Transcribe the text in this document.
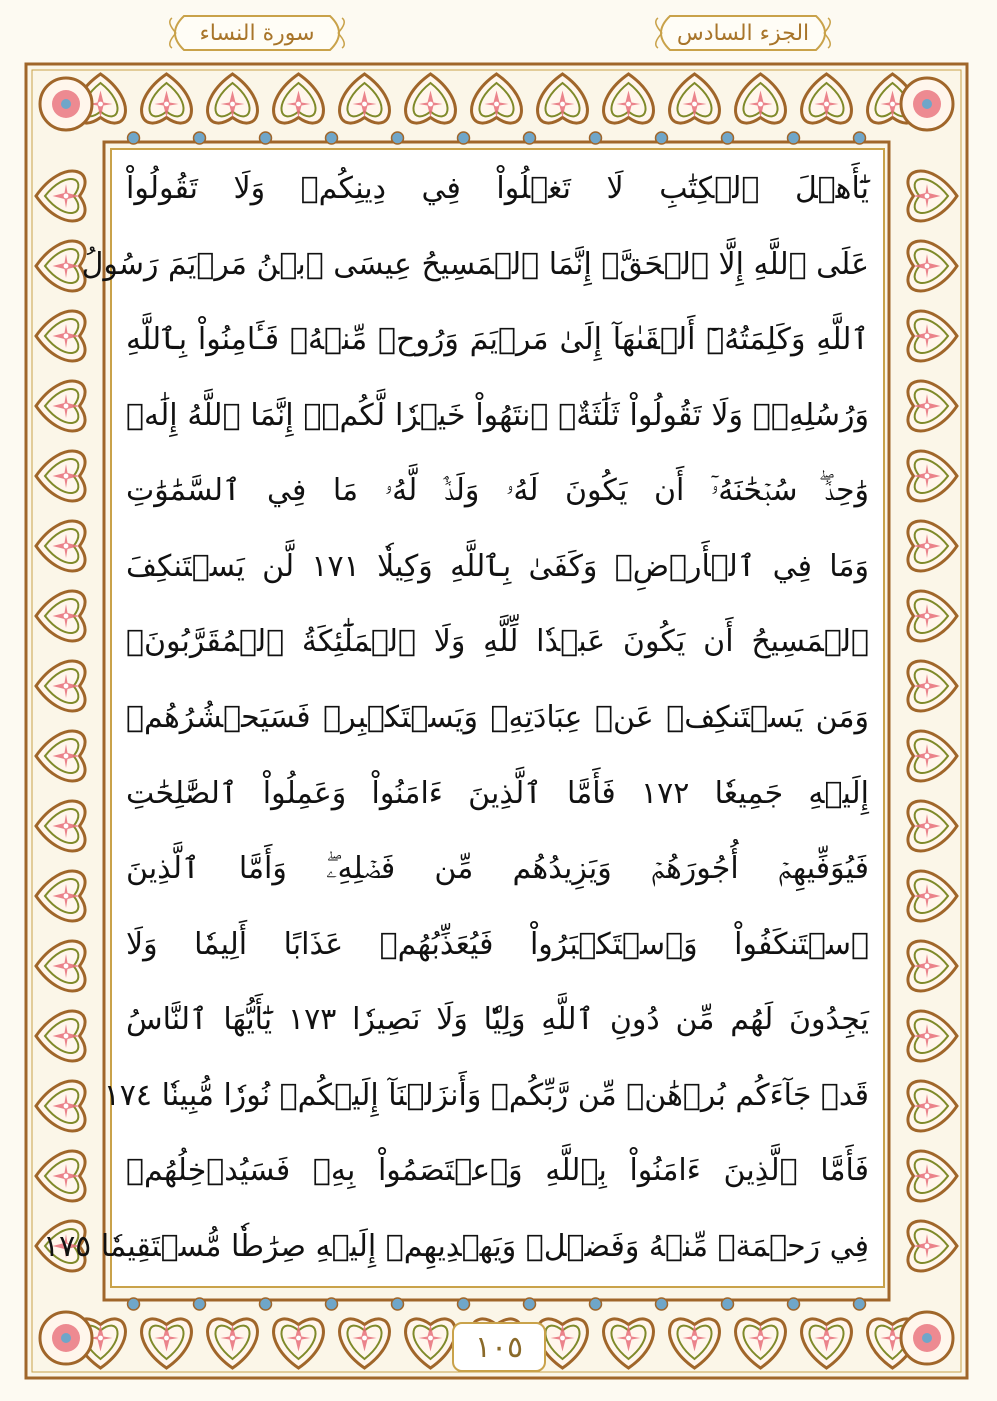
سورة النساء	الجزء السادس
يَٰٓأَهۡلَ ٱلۡكِتَٰبِ لَا تَغۡلُواْ فِي دِينِكُمۡ وَلَا تَقُولُواْ
عَلَى ٱللَّهِ إِلَّا ٱلۡحَقَّۚ إِنَّمَا ٱلۡمَسِيحُ عِيسَى ٱبۡنُ مَرۡيَمَ رَسُولُ
ٱللَّهِ وَكَلِمَتُهُۥٓ أَلۡقَىٰهَآ إِلَىٰ مَرۡيَمَ وَرُوحٞ مِّنۡهُۖ فَـَٔامِنُواْ بِٱللَّهِ
وَرُسُلِهِۦۖ وَلَا تَقُولُواْ ثَلَٰثَةٌۚ ٱنتَهُواْ خَيۡرٗا لَّكُمۡۚ إِنَّمَا ٱللَّهُ إِلَٰهٞ
وَٰحِدٞۖ سُبۡحَٰنَهُۥٓ أَن يَكُونَ لَهُۥ وَلَدٞۘ لَّهُۥ مَا فِي ٱلسَّمَٰوَٰتِ
وَمَا فِي ٱلۡأَرۡضِۗ وَكَفَىٰ بِٱللَّهِ وَكِيلٗا ١٧١ لَّن يَسۡتَنكِفَ
ٱلۡمَسِيحُ أَن يَكُونَ عَبۡدٗا لِّلَّهِ وَلَا ٱلۡمَلَٰٓئِكَةُ ٱلۡمُقَرَّبُونَۚ
وَمَن يَسۡتَنكِفۡ عَنۡ عِبَادَتِهِۦ وَيَسۡتَكۡبِرۡ فَسَيَحۡشُرُهُمۡ
إِلَيۡهِ جَمِيعٗا ١٧٢ فَأَمَّا ٱلَّذِينَ ءَامَنُواْ وَعَمِلُواْ ٱلصَّٰلِحَٰتِ
فَيُوَفِّيهِمۡ أُجُورَهُمۡ وَيَزِيدُهُم مِّن فَضۡلِهِۦۖ وَأَمَّا ٱلَّذِينَ
ٱسۡتَنكَفُواْ وَٱسۡتَكۡبَرُواْ فَيُعَذِّبُهُمۡ عَذَابًا أَلِيمٗا وَلَا
يَجِدُونَ لَهُم مِّن دُونِ ٱللَّهِ وَلِيّٗا وَلَا نَصِيرٗا ١٧٣ يَٰٓأَيُّهَا ٱلنَّاسُ
قَدۡ جَآءَكُم بُرۡهَٰنٞ مِّن رَّبِّكُمۡ وَأَنزَلۡنَآ إِلَيۡكُمۡ نُورٗا مُّبِينٗا ١٧٤
فَأَمَّا ٱلَّذِينَ ءَامَنُواْ بِٱللَّهِ وَٱعۡتَصَمُواْ بِهِۦ فَسَيُدۡخِلُهُمۡ
فِي رَحۡمَةٖ مِّنۡهُ وَفَضۡلٖ وَيَهۡدِيهِمۡ إِلَيۡهِ صِرَٰطٗا مُّسۡتَقِيمٗا ١٧٥
١٠٥
